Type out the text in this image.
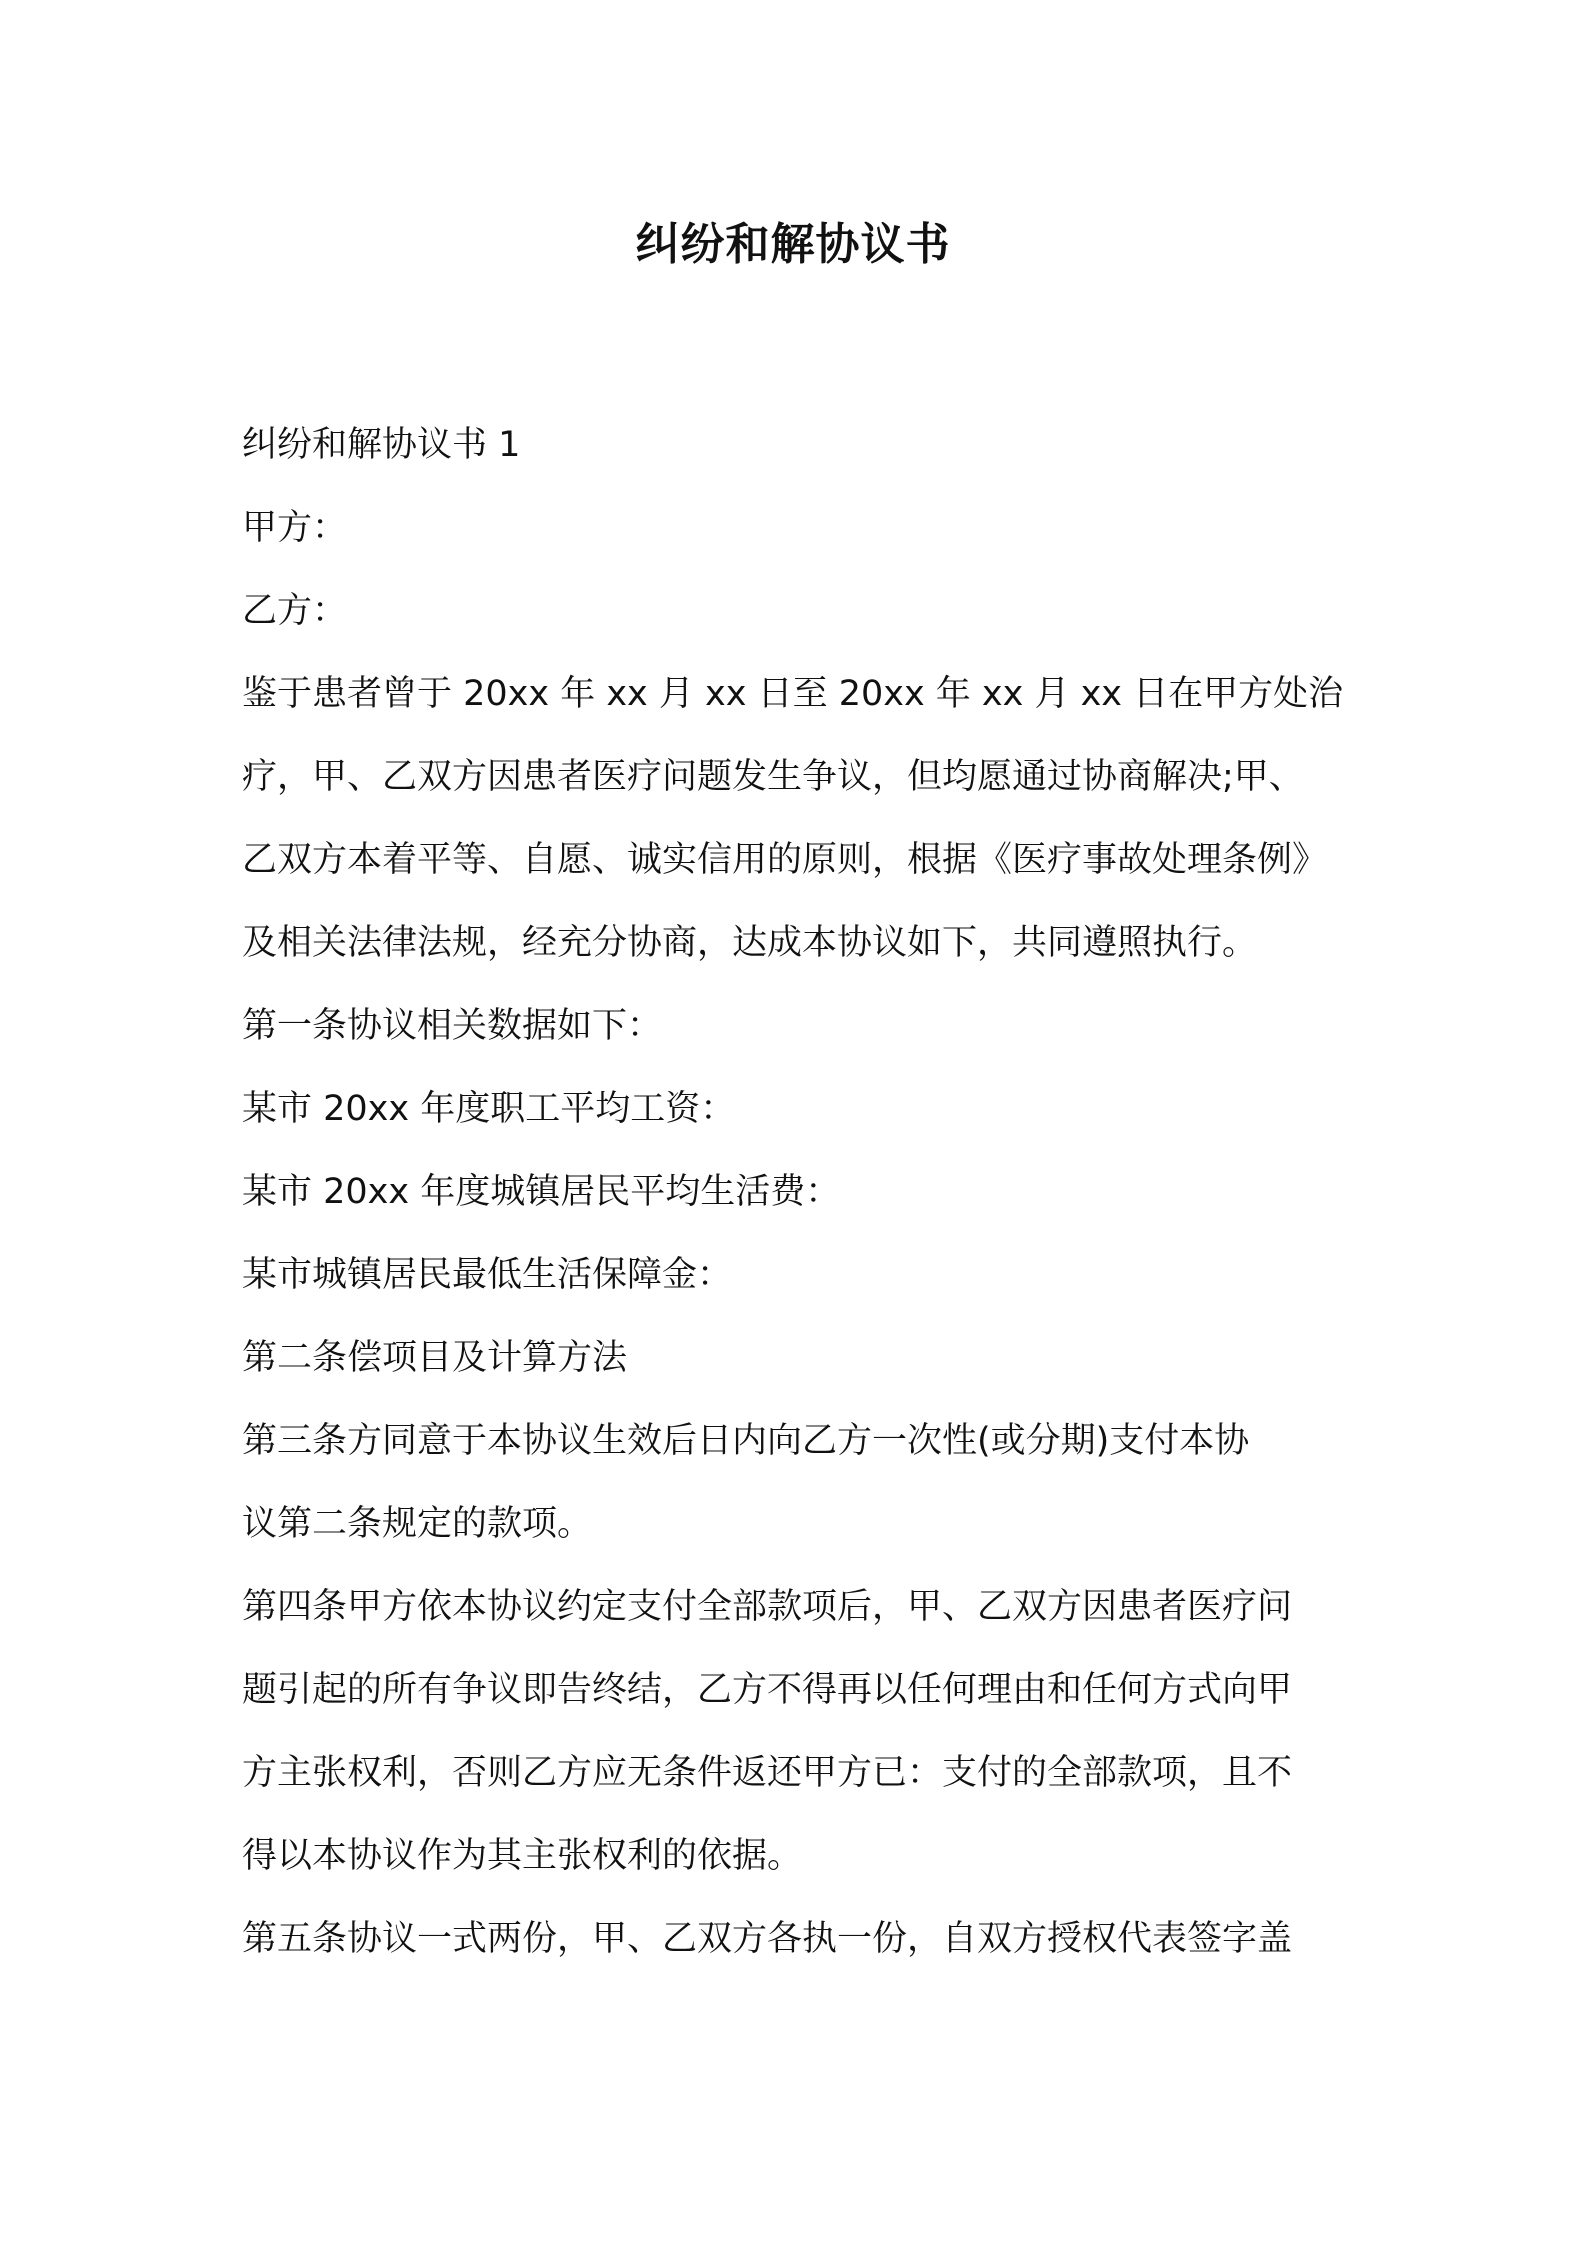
纠纷和解协议书
纠纷和解协议书 1
甲方：
乙方：
鉴于患者曾于 20xx 年 xx 月 xx 日至 20xx 年 xx 月 xx 日在甲方处治
疗，甲、乙双方因患者医疗问题发生争议，但均愿通过协商解决;甲、
乙双方本着平等、自愿、诚实信用的原则，根据《医疗事故处理条例》
及相关法律法规，经充分协商，达成本协议如下，共同遵照执行。
第一条协议相关数据如下：
某市 20xx 年度职工平均工资：
某市 20xx 年度城镇居民平均生活费：
某市城镇居民最低生活保障金：
第二条偿项目及计算方法
第三条方同意于本协议生效后日内向乙方一次性(或分期)支付本协
议第二条规定的款项。
第四条甲方依本协议约定支付全部款项后，甲、乙双方因患者医疗问
题引起的所有争议即告终结，乙方不得再以任何理由和任何方式向甲
方主张权利，否则乙方应无条件返还甲方已：支付的全部款项，且不
得以本协议作为其主张权利的依据。
第五条协议一式两份，甲、乙双方各执一份，自双方授权代表签字盖
